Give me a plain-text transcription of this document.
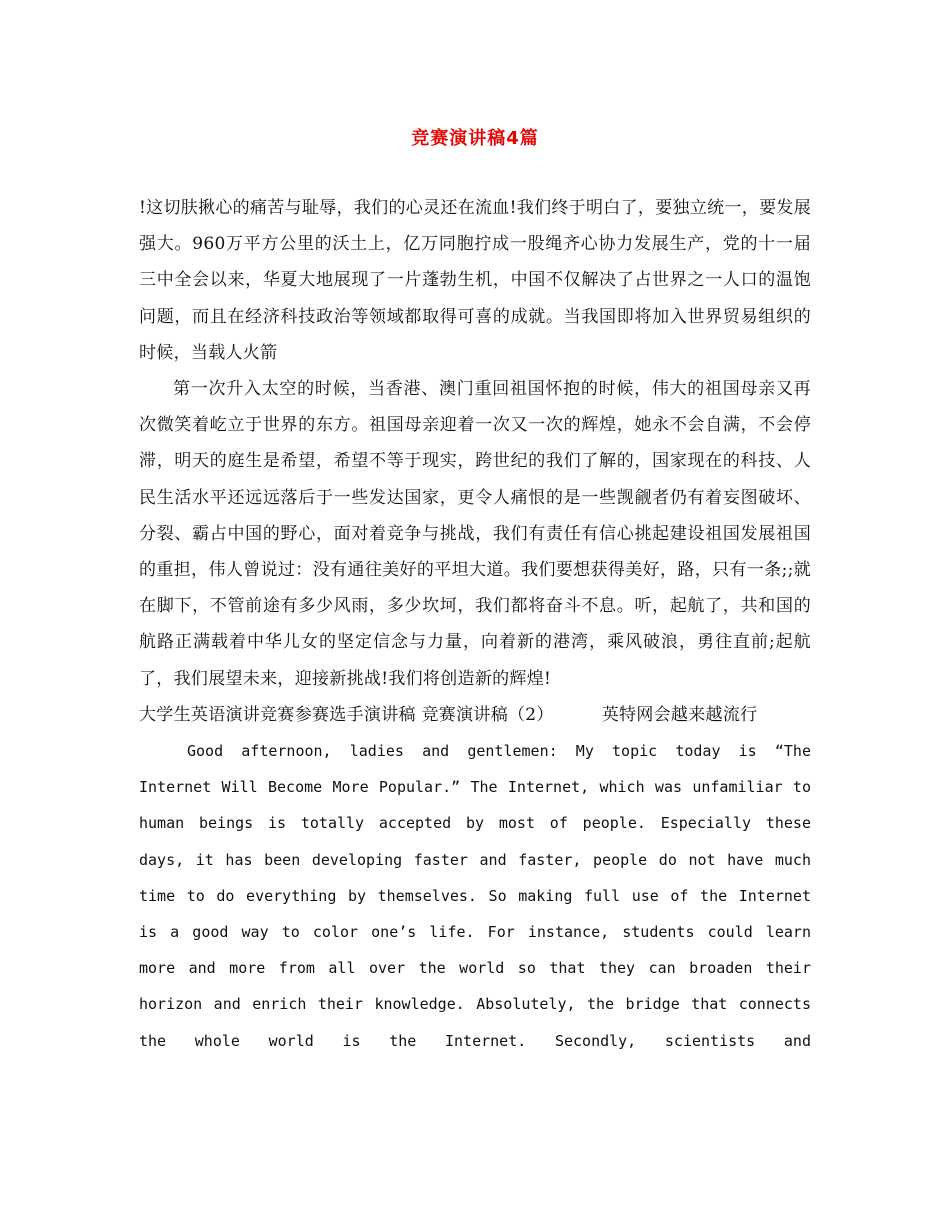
竞赛演讲稿4篇

!这切肤揪心的痛苦与耻辱，我们的心灵还在流血!我们终于明白了，要独立统一，要发展强大。960万平方公里的沃土上，亿万同胞拧成一股绳齐心协力发展生产，党的十一届三中全会以来，华夏大地展现了一片蓬勃生机，中国不仅解决了占世界之一人口的温饱问题，而且在经济科技政治等领域都取得可喜的成就。当我国即将加入世界贸易组织的时候，当载人火箭

第一次升入太空的时候，当香港、澳门重回祖国怀抱的时候，伟大的祖国母亲又再次微笑着屹立于世界的东方。祖国母亲迎着一次又一次的辉煌，她永不会自满，不会停滞，明天的庭生是希望，希望不等于现实，跨世纪的我们了解的，国家现在的科技、人民生活水平还远远落后于一些发达国家，更令人痛恨的是一些觊觎者仍有着妄图破坏、分裂、霸占中国的野心，面对着竞争与挑战，我们有责任有信心挑起建设祖国发展祖国的重担，伟人曾说过：没有通往美好的平坦大道。我们要想获得美好，路，只有一条;;就在脚下，不管前途有多少风雨，多少坎坷，我们都将奋斗不息。听，起航了，共和国的航路正满载着中华儿女的坚定信念与力量，向着新的港湾，乘风破浪，勇往直前;起航了，我们展望未来，迎接新挑战!我们将创造新的辉煌!

大学生英语演讲竞赛参赛选手演讲稿 竞赛演讲稿（2）	英特网会越来越流行

Good afternoon, ladies and gentlemen: My topic today is “The Internet Will Become More Popular.” The Internet, which was unfamiliar to human beings is totally accepted by most of people. Especially these days, it has been developing faster and faster, people do not have much time to do everything by themselves. So making full use of the Internet is a good way to color one’s life. For instance, students could learn more and more from all over the world so that they can broaden their horizon and enrich their knowledge. Absolutely, the bridge that connects the whole world is the Internet. Secondly, scientists and
